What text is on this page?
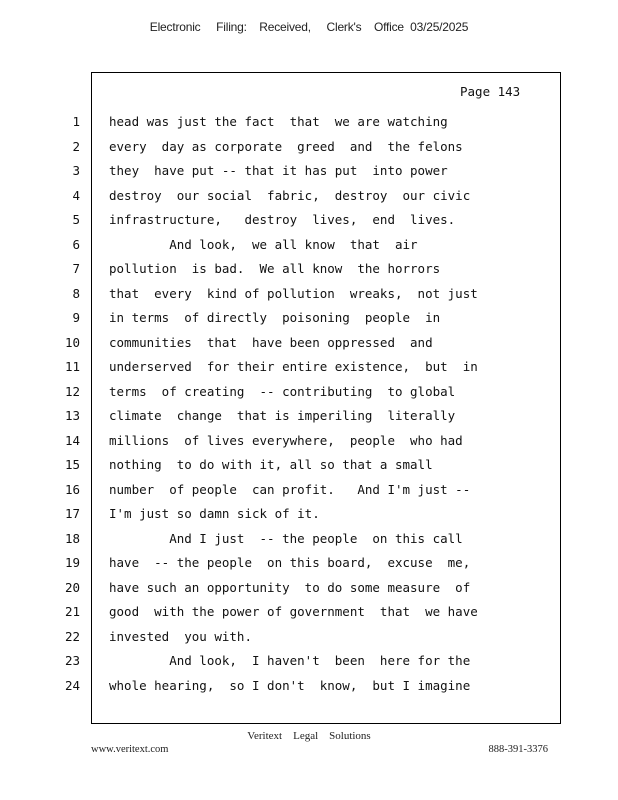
Electronic     Filing:    Received,     Clerk's    Office  03/25/2025
Page 143
1 head was just the fact  that  we are watching
2 every  day as corporate  greed  and  the felons
3 they  have put -- that it has put  into power
4 destroy  our social  fabric,  destroy  our civic
5 infrastructure,   destroy  lives,  end  lives.
6 And look,  we all know  that  air
7 pollution  is bad.  We all know  the horrors
8 that  every  kind of pollution  wreaks,  not just
9 in terms  of directly  poisoning  people  in
10 communities  that  have been oppressed  and
11 underserved  for their entire existence,  but  in
12 terms  of creating  -- contributing  to global
13 climate  change  that is imperiling  literally
14 millions  of lives everywhere,  people  who had
15 nothing  to do with it, all so that a small
16 number  of people  can profit.   And I'm just --
17 I'm just so damn sick of it.
18 And I just  -- the people  on this call
19 have  -- the people  on this board,  excuse  me,
20 have such an opportunity  to do some measure  of
21 good  with the power of government  that  we have
22 invested  you with.
23 And look,  I haven't  been  here for the
24 whole hearing,  so I don't  know,  but I imagine
Veritext    Legal    Solutions
www.veritext.com	888-391-3376
